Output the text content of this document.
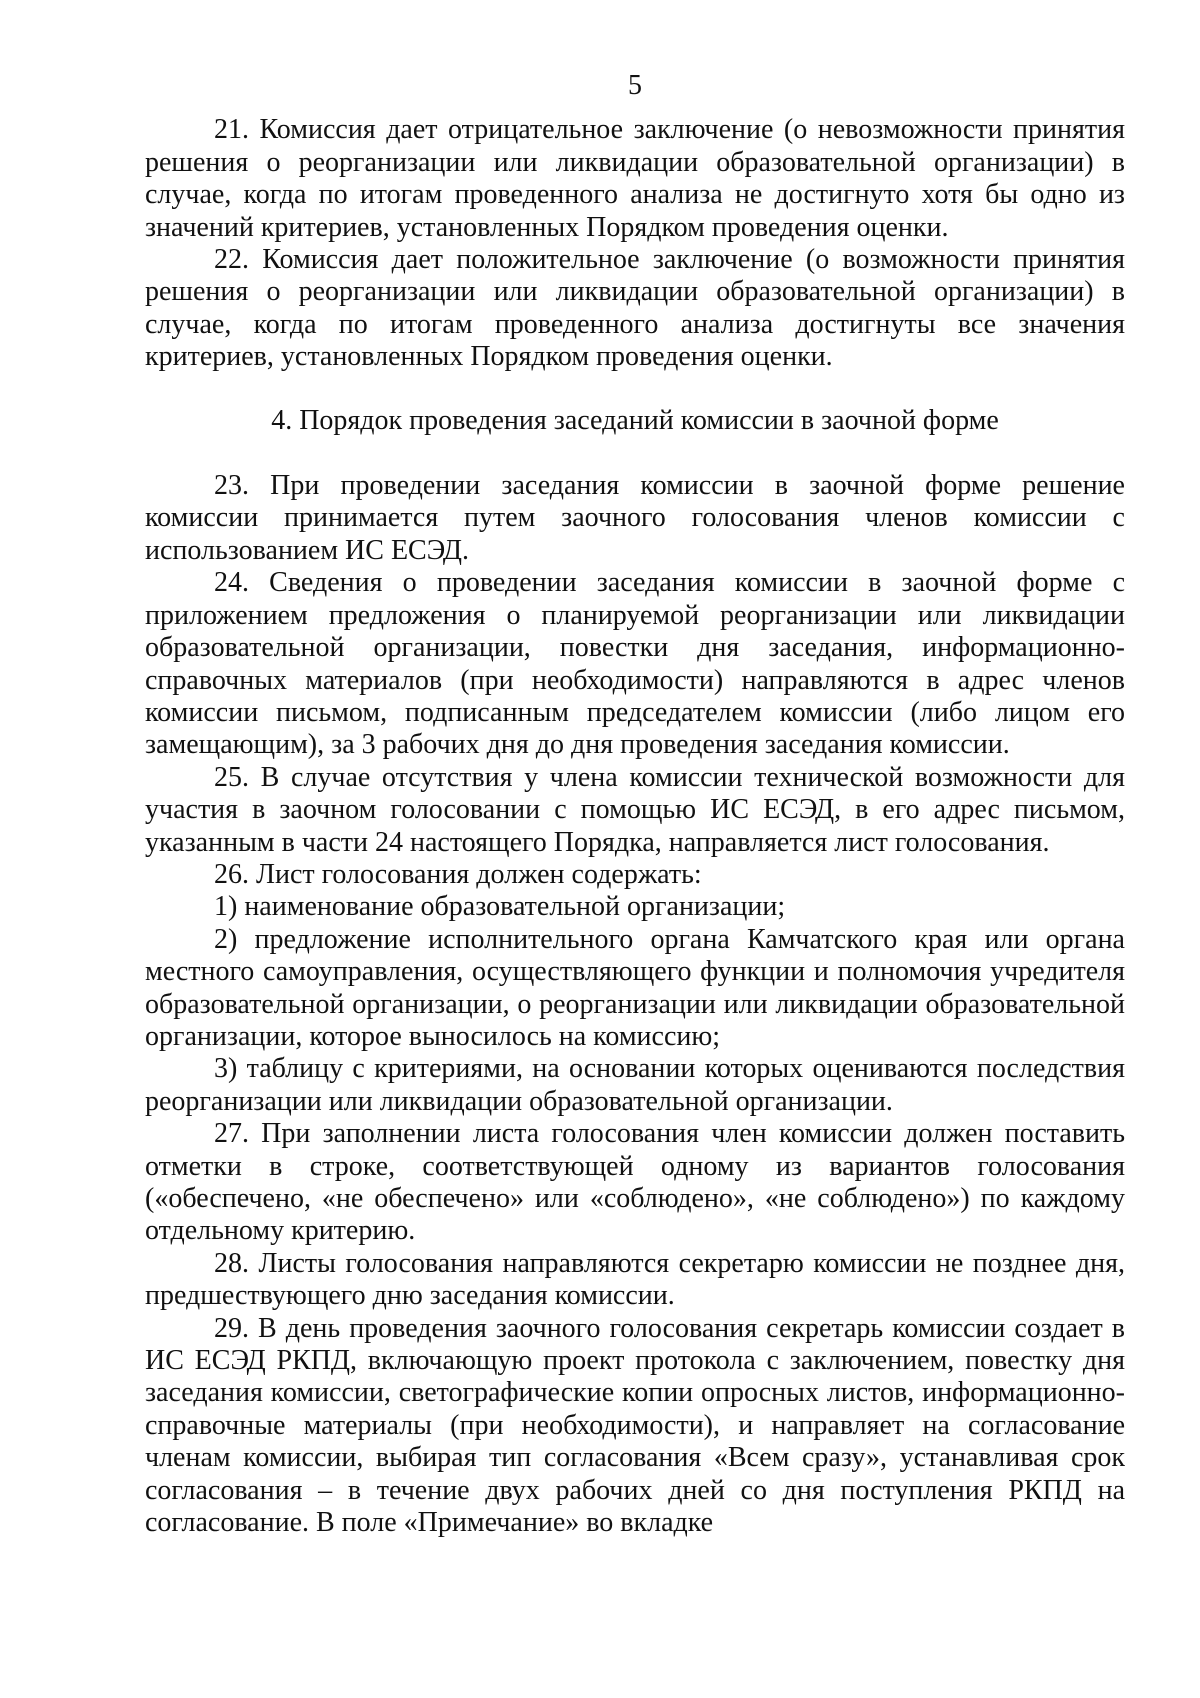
5

21. Комиссия дает отрицательное заключение (о невозможности принятия решения о реорганизации или ликвидации образовательной организации) в случае, когда по итогам проведенного анализа не достигнуто хотя бы одно из значений критериев, установленных Порядком проведения оценки.

22. Комиссия дает положительное заключение (о возможности принятия решения о реорганизации или ликвидации образовательной организации) в случае, когда по итогам проведенного анализа достигнуты все значения критериев, установленных Порядком проведения оценки.

4. Порядок проведения заседаний комиссии в заочной форме

23. При проведении заседания комиссии в заочной форме решение комиссии принимается путем заочного голосования членов комиссии с использованием ИС ЕСЭД.

24. Сведения о проведении заседания комиссии в заочной форме с приложением предложения о планируемой реорганизации или ликвидации образовательной организации, повестки дня заседания, информационно-справочных материалов (при необходимости) направляются в адрес членов комиссии письмом, подписанным председателем комиссии (либо лицом его замещающим), за 3 рабочих дня до дня проведения заседания комиссии.

25. В случае отсутствия у члена комиссии технической возможности для участия в заочном голосовании с помощью ИС ЕСЭД, в его адрес письмом, указанным в части 24 настоящего Порядка, направляется лист голосования.

26. Лист голосования должен содержать:

1) наименование образовательной организации;

2) предложение исполнительного органа Камчатского края или органа местного самоуправления, осуществляющего функции и полномочия учредителя образовательной организации, о реорганизации или ликвидации образовательной организации, которое выносилось на комиссию;

3) таблицу с критериями, на основании которых оцениваются последствия реорганизации или ликвидации образовательной организации.

27. При заполнении листа голосования член комиссии должен поставить отметки в строке, соответствующей одному из вариантов голосования («обеспечено, «не обеспечено» или «соблюдено», «не соблюдено») по каждому отдельному критерию.

28. Листы голосования направляются секретарю комиссии не позднее дня, предшествующего дню заседания комиссии.

29. В день проведения заочного голосования секретарь комиссии создает в ИС ЕСЭД РКПД, включающую проект протокола с заключением, повестку дня заседания комиссии, светографические копии опросных листов, информационно-справочные материалы (при необходимости), и направляет на согласование членам комиссии, выбирая тип согласования «Всем сразу», устанавливая срок согласования – в течение двух рабочих дней со дня поступления РКПД на согласование. В поле «Примечание» во вкладке
